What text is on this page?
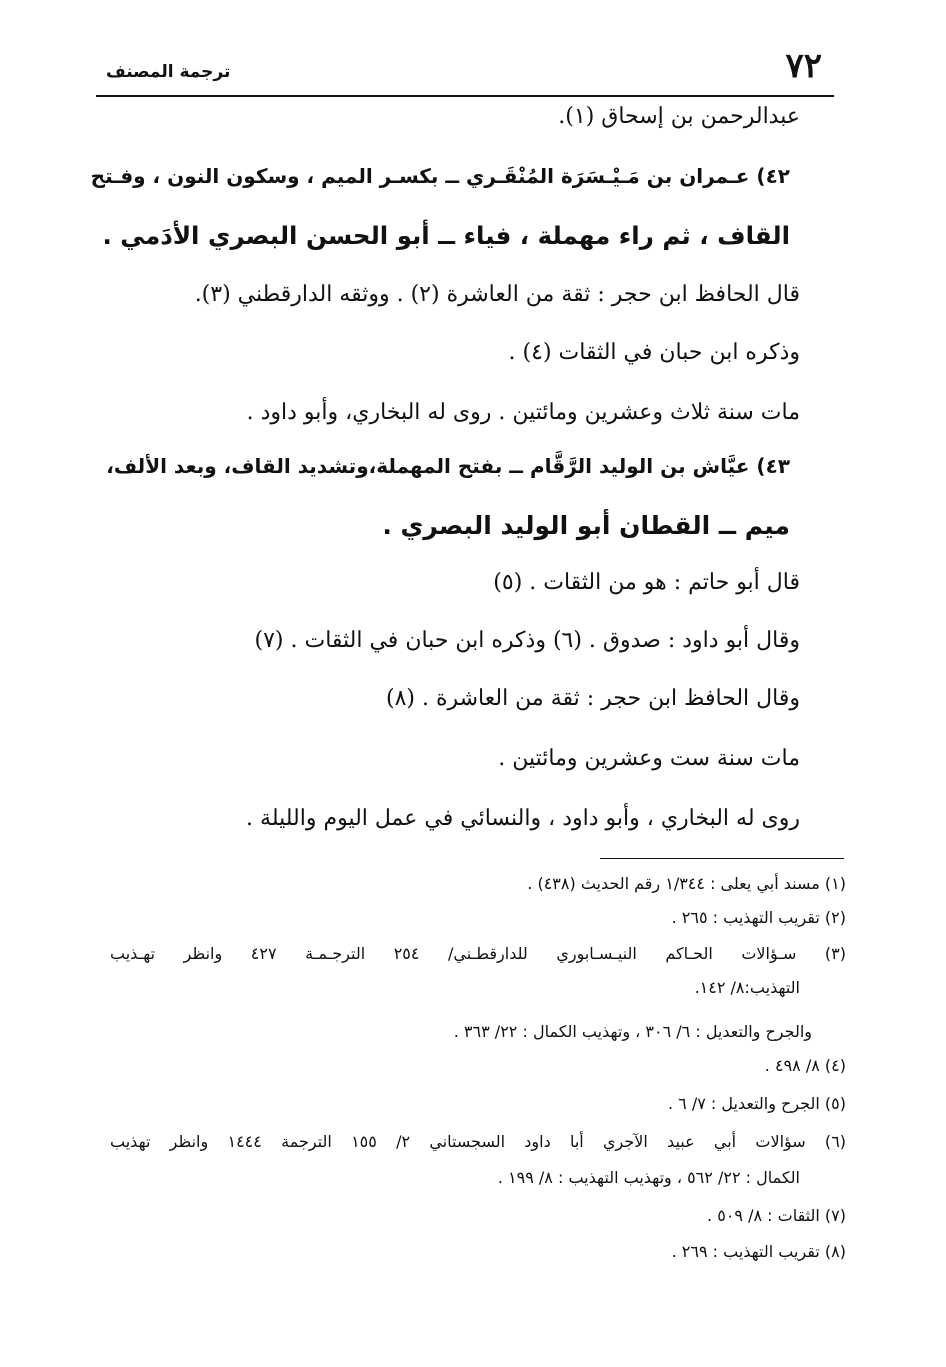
٧٢
ترجمة المصنف
عبدالرحمن بن إسحاق (١).
٤٢) عـمران بن مَـيْـسَرَة المُنْقَـري ــ بكسـر الميم ، وسكون النون ، وفـتح
القاف ، ثم راء مهملة ، فياء ــ أبو الحسن البصري الأدَمي .
قال الحافظ ابن حجر : ثقة من العاشرة (٢) . ووثقه الدارقطني (٣).
وذكره ابن حبان في الثقات (٤) .
مات سنة ثلاث وعشرين ومائتين . روى له البخاري، وأبو داود .
٤٣) عيَّاش بن الوليد الرَّقَّام ــ بفتح المهملة،وتشديد القاف، وبعد الألف،
ميم ــ القطان أبو الوليد البصري .
قال أبو حاتم : هو من الثقات . (٥)
وقال أبو داود : صدوق . (٦) وذكره ابن حبان في الثقات . (٧)
وقال الحافظ ابن حجر : ثقة من العاشرة . (٨)
مات سنة ست وعشرين ومائتين .
روى له البخاري ، وأبو داود ، والنسائي في عمل اليوم والليلة .
(١) مسند أبي يعلى : ١/٣٤٤ رقم الحديث (٤٣٨) .
(٢) تقريب التهذيب : ٢٦٥ .
(٣) سـؤالات الحـاكم النيـسـابوري للدارقطـني/ ٢٥٤ الترجـمـة ٤٢٧ وانظر تهـذيب
التهذيب:٨/ ١٤٢.
والجرح والتعديل : ٦/ ٣٠٦ ، وتهذيب الكمال : ٢٢/ ٣٦٣ .
(٤) ٨/ ٤٩٨ .
(٥) الجرح والتعديل : ٧/ ٦ .
(٦) سؤالات أبي عبيد الآجري أبا داود السجستاني ٢/ ١٥٥ الترجمة ١٤٤٤ وانظر تهذيب
الكمال : ٢٢/ ٥٦٢ ، وتهذيب التهذيب : ٨/ ١٩٩ .
(٧) الثقات : ٨/ ٥٠٩ .
(٨) تقريب التهذيب : ٢٦٩ .
